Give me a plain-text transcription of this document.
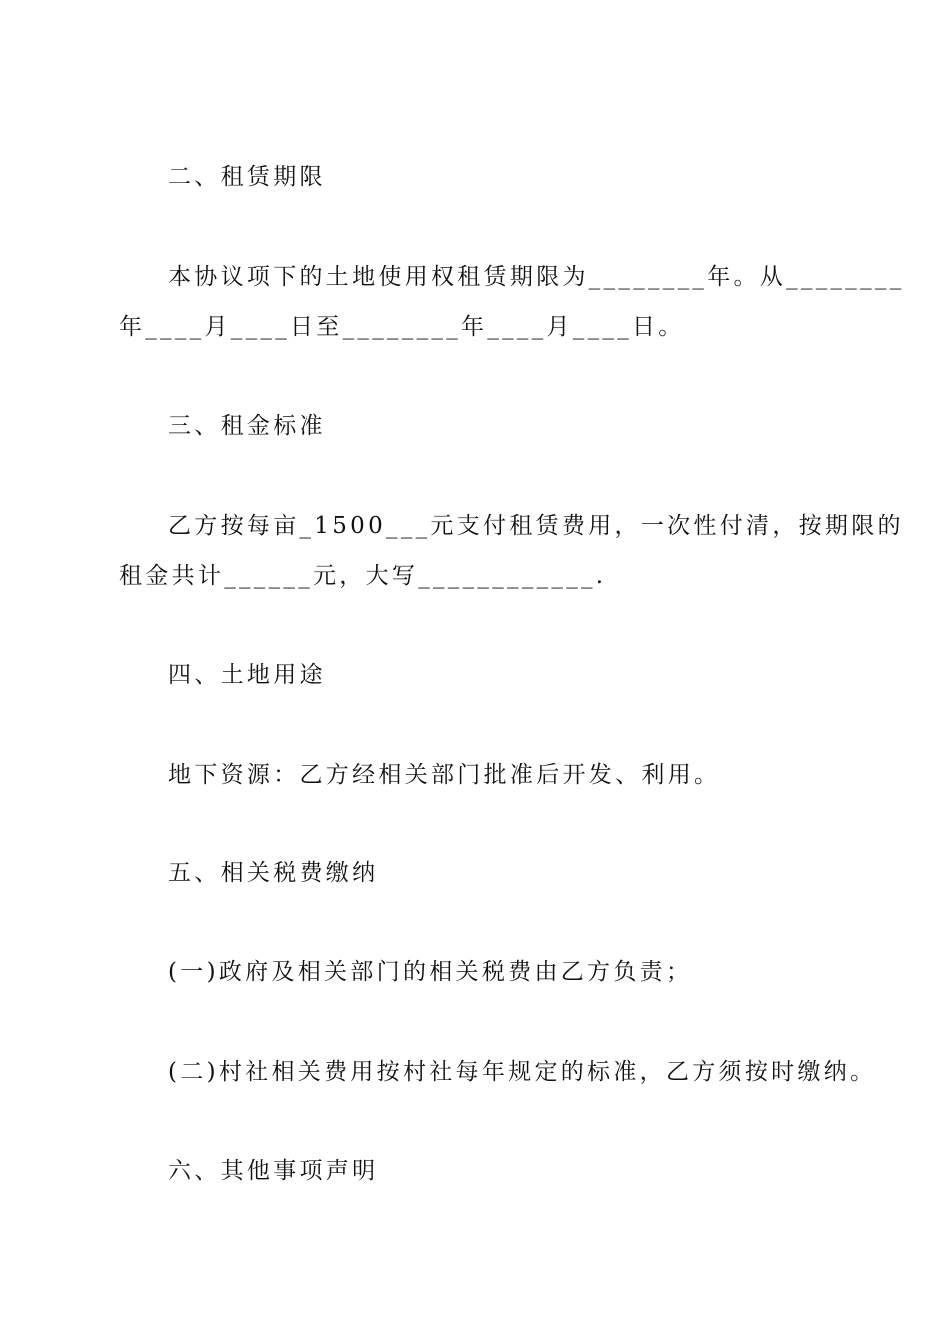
二、租赁期限
本协议项下的土地使用权租赁期限为________年。从________
年____月____日至________年____月____日。
三、租金标准
乙方按每亩_1500___元支付租赁费用，一次性付清，按期限的
租金共计______元，大写____________.
四、土地用途
地下资源：乙方经相关部门批准后开发、利用。
五、相关税费缴纳
(一)政府及相关部门的相关税费由乙方负责；
(二)村社相关费用按村社每年规定的标准，乙方须按时缴纳。
六、其他事项声明
